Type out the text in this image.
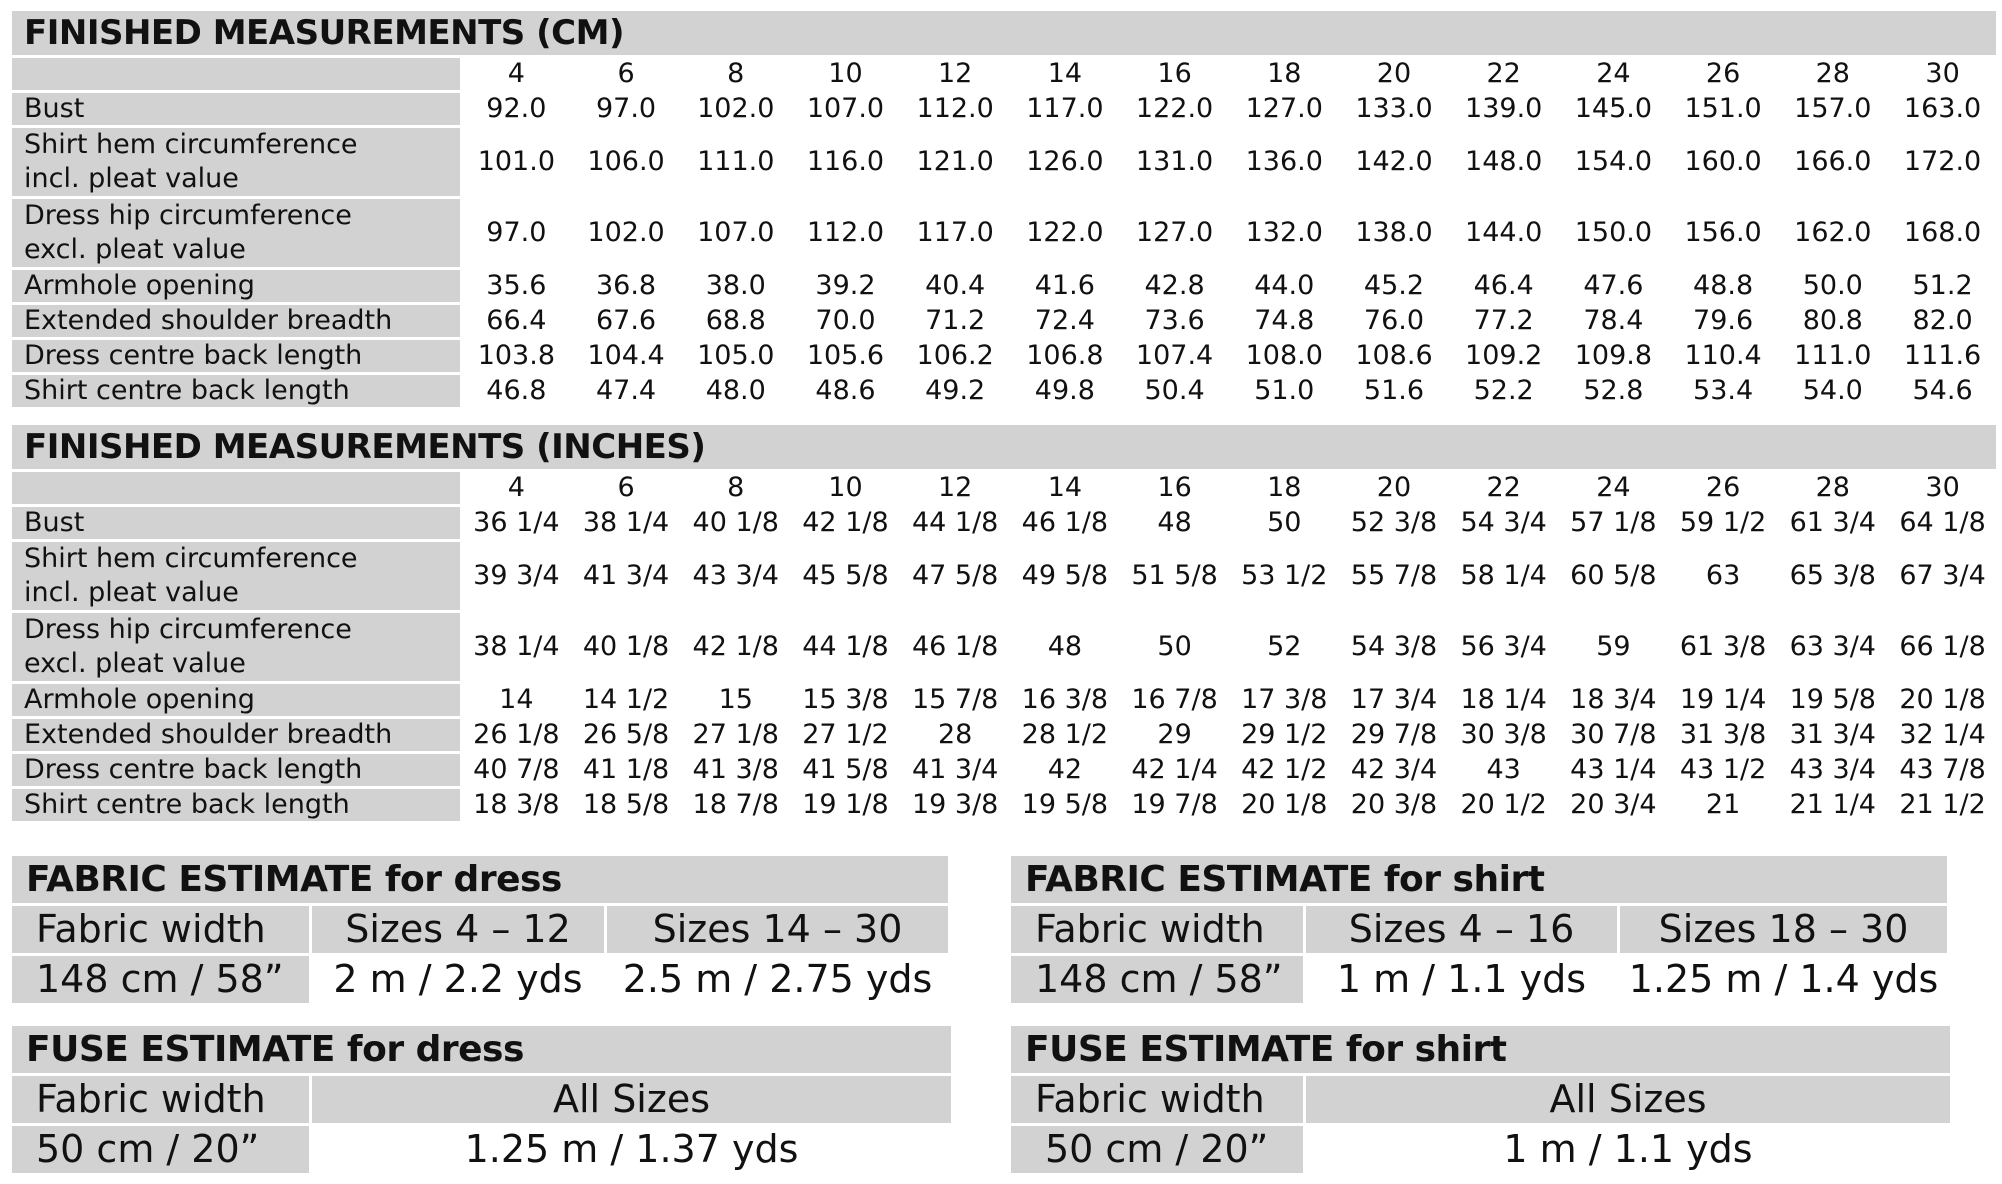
FINISHED MEASUREMENTS (CM)														
	4	6	8	10	12	14	16	18	20	22	24	26	28	30
Bust	92.0	97.0	102.0	107.0	112.0	117.0	122.0	127.0	133.0	139.0	145.0	151.0	157.0	163.0
Shirt hem circumference
incl. pleat value	101.0	106.0	111.0	116.0	121.0	126.0	131.0	136.0	142.0	148.0	154.0	160.0	166.0	172.0
Dress hip circumference
excl. pleat value	97.0	102.0	107.0	112.0	117.0	122.0	127.0	132.0	138.0	144.0	150.0	156.0	162.0	168.0
Armhole opening	35.6	36.8	38.0	39.2	40.4	41.6	42.8	44.0	45.2	46.4	47.6	48.8	50.0	51.2
Extended shoulder breadth	66.4	67.6	68.8	70.0	71.2	72.4	73.6	74.8	76.0	77.2	78.4	79.6	80.8	82.0
Dress centre back length	103.8	104.4	105.0	105.6	106.2	106.8	107.4	108.0	108.6	109.2	109.8	110.4	111.0	111.6
Shirt centre back length	46.8	47.4	48.0	48.6	49.2	49.8	50.4	51.0	51.6	52.2	52.8	53.4	54.0	54.6
FINISHED MEASUREMENTS (INCHES)														
	4	6	8	10	12	14	16	18	20	22	24	26	28	30
Bust	36 1/4	38 1/4	40 1/8	42 1/8	44 1/8	46 1/8	48	50	52 3/8	54 3/4	57 1/8	59 1/2	61 3/4	64 1/8
Shirt hem circumference
incl. pleat value	39 3/4	41 3/4	43 3/4	45 5/8	47 5/8	49 5/8	51 5/8	53 1/2	55 7/8	58 1/4	60 5/8	63	65 3/8	67 3/4
Dress hip circumference
excl. pleat value	38 1/4	40 1/8	42 1/8	44 1/8	46 1/8	48	50	52	54 3/8	56 3/4	59	61 3/8	63 3/4	66 1/8
Armhole opening	14	14 1/2	15	15 3/8	15 7/8	16 3/8	16 7/8	17 3/8	17 3/4	18 1/4	18 3/4	19 1/4	19 5/8	20 1/8
Extended shoulder breadth	26 1/8	26 5/8	27 1/8	27 1/2	28	28 1/2	29	29 1/2	29 7/8	30 3/8	30 7/8	31 3/8	31 3/4	32 1/4
Dress centre back length	40 7/8	41 1/8	41 3/8	41 5/8	41 3/4	42	42 1/4	42 1/2	42 3/4	43	43 1/4	43 1/2	43 3/4	43 7/8
Shirt centre back length	18 3/8	18 5/8	18 7/8	19 1/8	19 3/8	19 5/8	19 7/8	20 1/8	20 3/8	20 1/2	20 3/4	21	21 1/4	21 1/2
FABRIC ESTIMATE for dress		
Fabric width	Sizes 4 – 12	Sizes 14 – 30
148 cm / 58”	2 m / 2.2 yds	2.5 m / 2.75 yds
FABRIC ESTIMATE for shirt		
Fabric width	Sizes 4 – 16	Sizes 18 – 30
148 cm / 58”	1 m / 1.1 yds	1.25 m / 1.4 yds
FUSE ESTIMATE for dress	
Fabric width	All Sizes
50 cm / 20”	1.25 m / 1.37 yds
FUSE ESTIMATE for shirt	
Fabric width	All Sizes
50 cm / 20”	1 m / 1.1 yds
